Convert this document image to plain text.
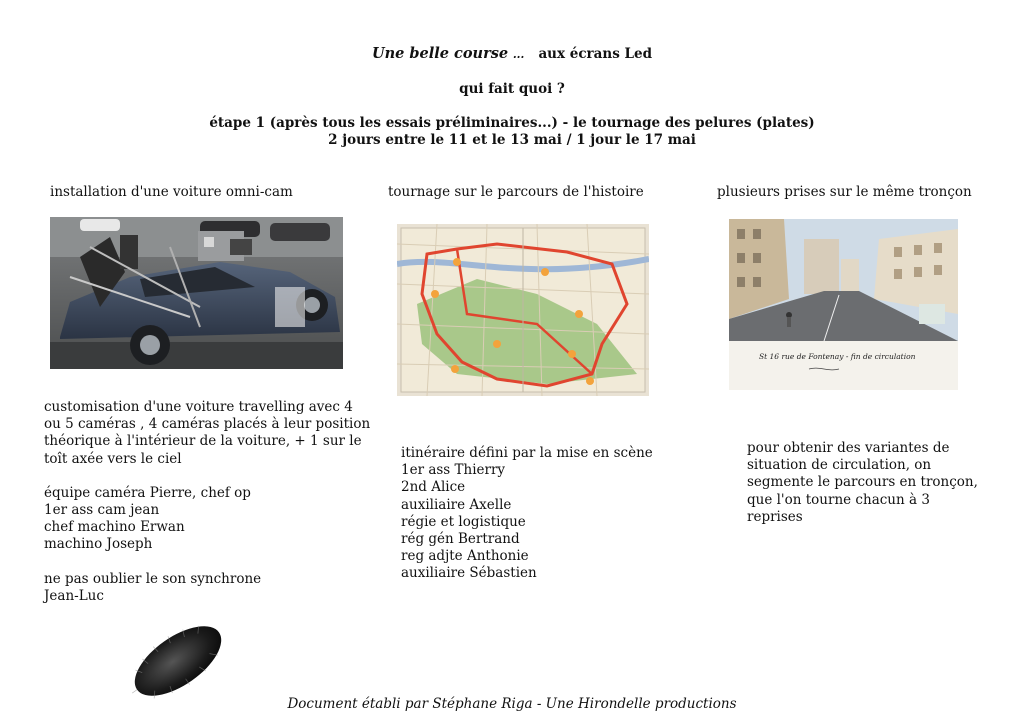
Une belle course ... aux écrans Led
qui fait quoi ?
étape 1 (après tous les essais préliminaires...) - le tournage des pelures (plates)
2 jours entre le 11 et le 13 mai / 1 jour le 17 mai
installation d'une voiture omni-cam	tournage sur le parcours de l'histoire	plusieurs prises sur le même tronçon
St 16 rue de Fontenay - fin de circulation
customisation d'une voiture travelling avec 4
ou 5 caméras , 4 caméras placés à leur position
théorique à l'intérieur de la voiture, + 1 sur le
toît axée vers le ciel
équipe caméra Pierre, chef op
1er ass cam jean
chef machino Erwan
machino Joseph
ne pas oublier le son synchrone
Jean-Luc
itinéraire défini par la mise en scène
1er ass Thierry
2nd Alice
auxiliaire Axelle
régie et logistique
rég gén Bertrand
reg adjte Anthonie
auxiliaire Sébastien
pour obtenir des variantes de
situation de circulation, on
segmente le parcours en tronçon,
que l'on tourne chacun à 3
reprises
Document établi par Stéphane Riga - Une Hirondelle productions
